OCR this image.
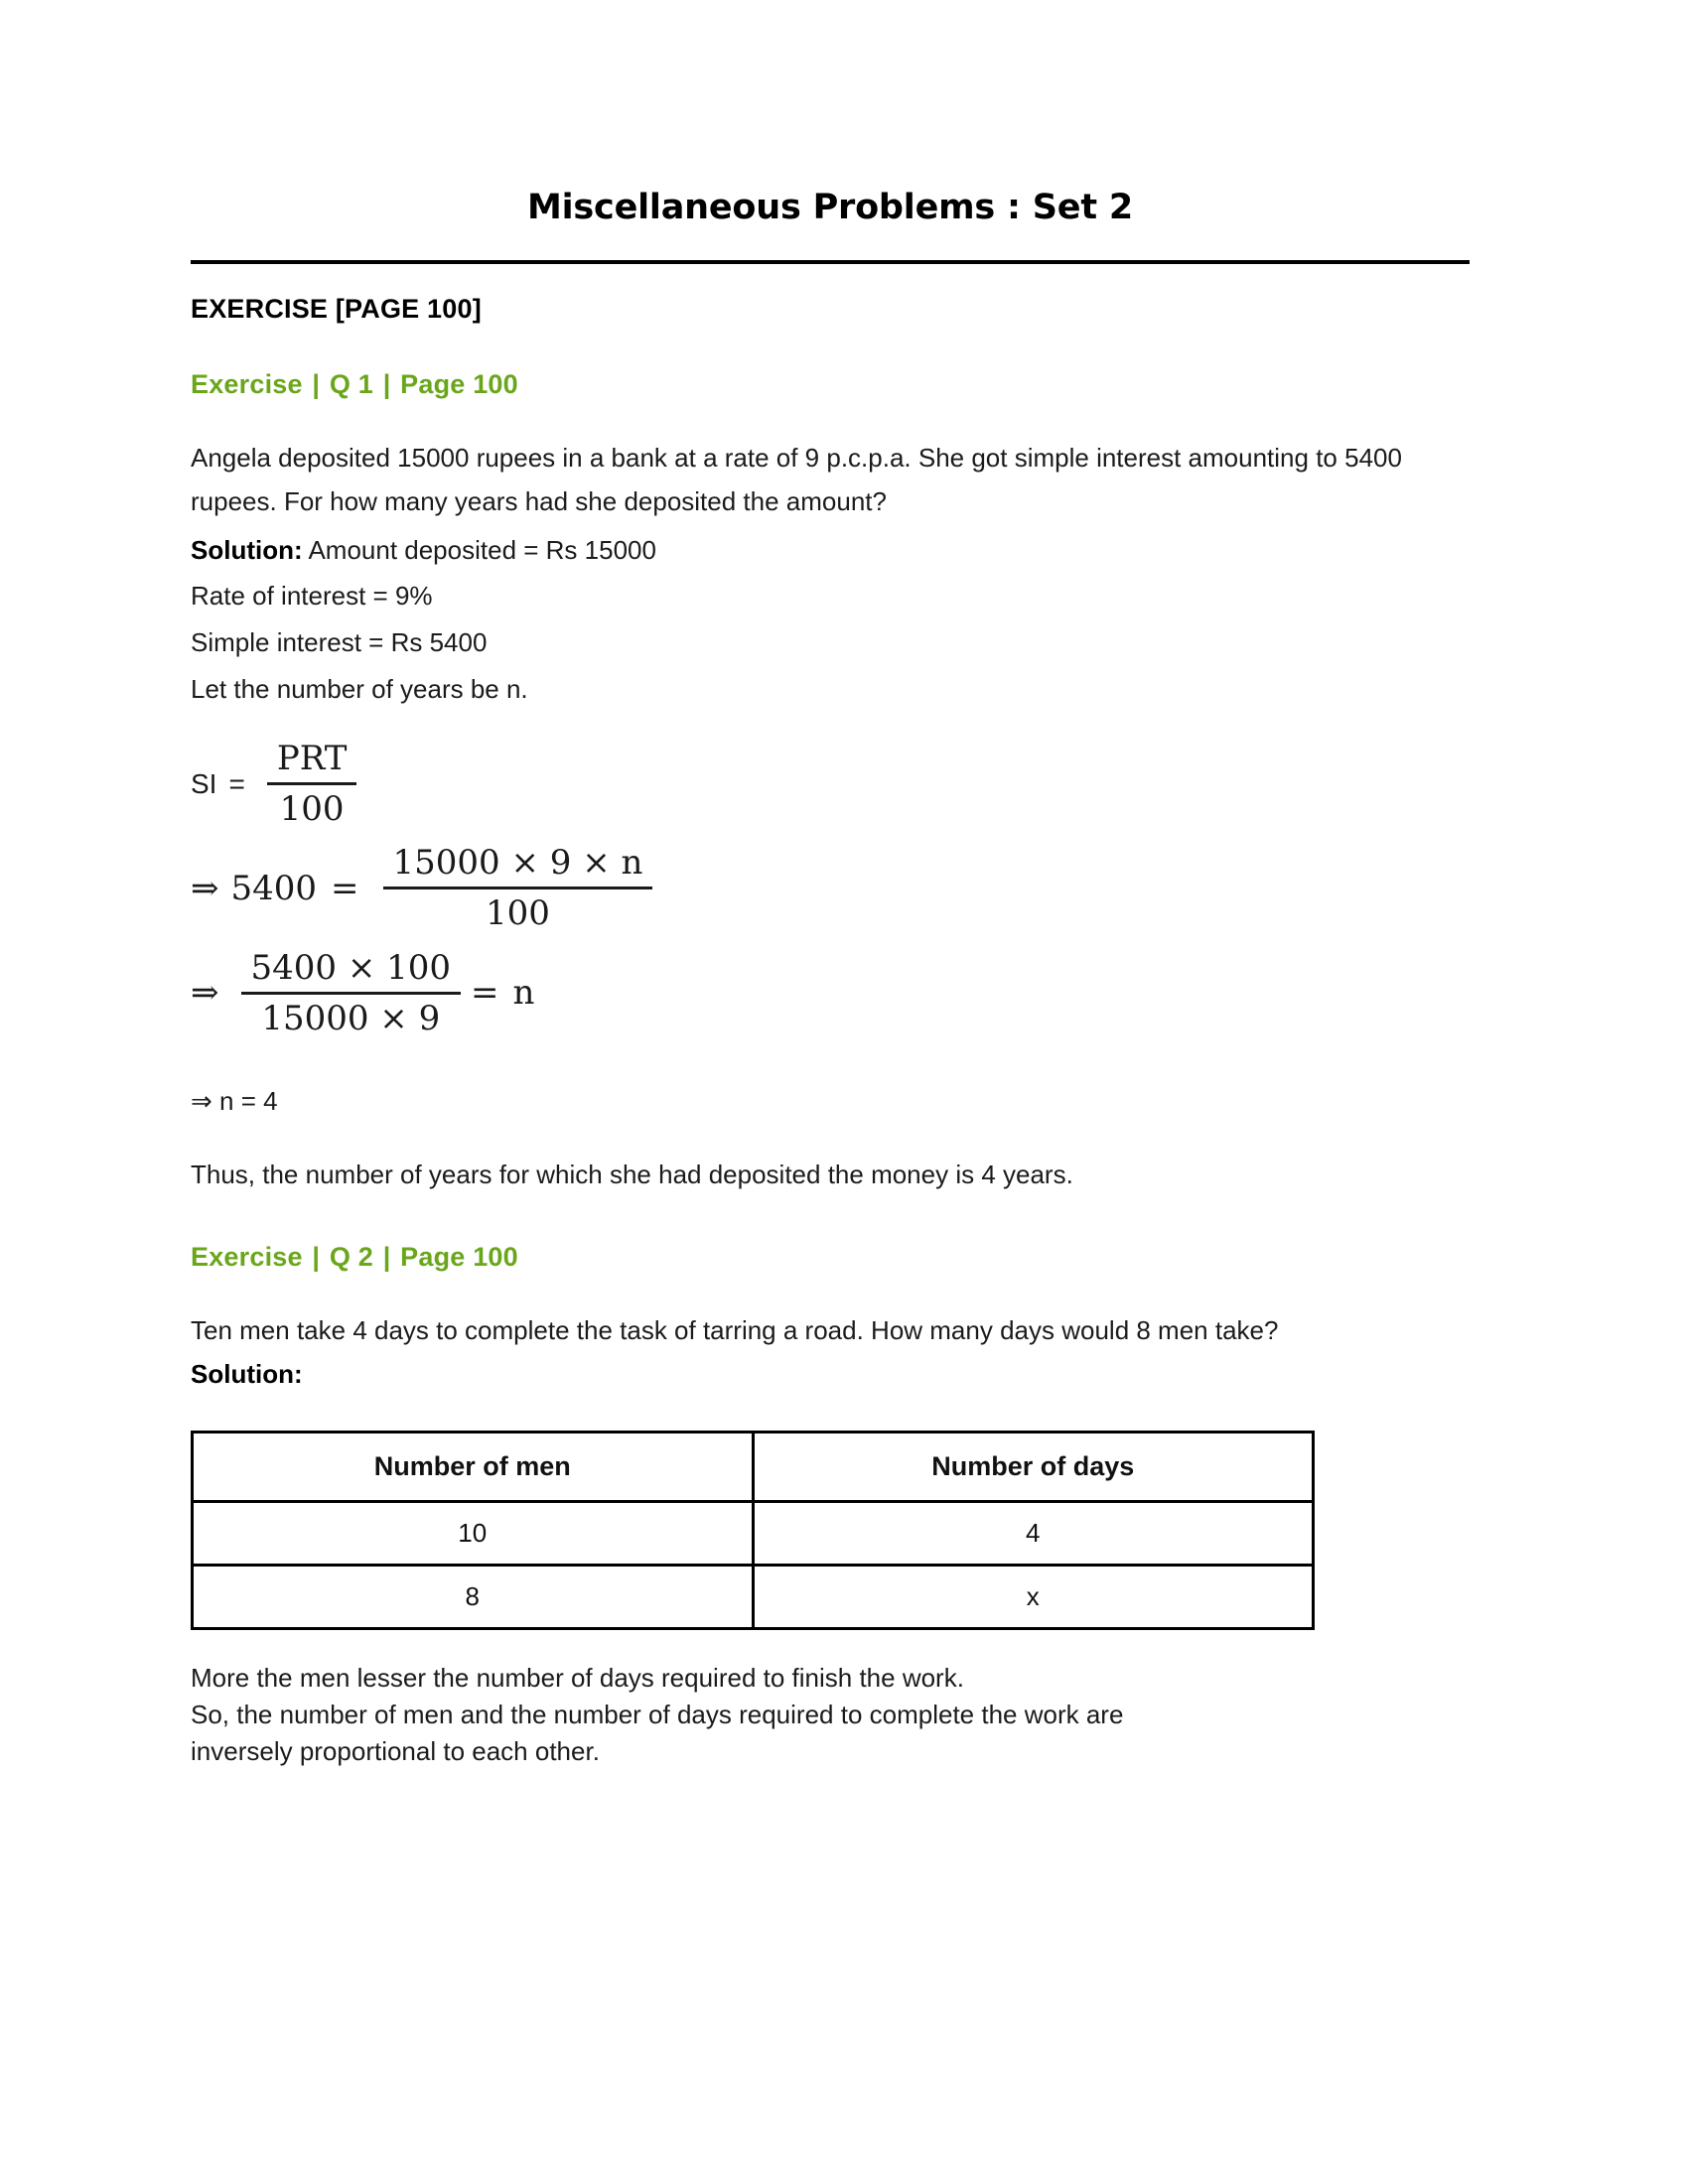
Miscellaneous Problems : Set 2
EXERCISE [PAGE 100]
Exercise | Q 1 | Page 100
Angela deposited 15000 rupees in a bank at a rate of 9 p.c.p.a. She got simple interest amounting to 5400 rupees. For how many years had she deposited the amount?
Solution: Amount deposited = Rs 15000
Rate of interest = 9%
Simple interest = Rs 5400
Let the number of years be n.
SI = $\frac{\text{PRT}}{100}$
⇒ $5400 = \frac{15000 \times 9 \times n}{100}$
⇒ $\frac{5400 \times 100}{15000 \times 9} = n$
⇒ n = 4
Thus, the number of years for which she had deposited the money is 4 years.
Exercise | Q 2 | Page 100
Ten men take 4 days to complete the task of tarring a road. How many days would 8 men take?
Solution:
Number of men	Number of days
10	4
8	x
More the men lesser the number of days required to finish the work.
So, the number of men and the number of days required to complete the work are
inversely proportional to each other.
